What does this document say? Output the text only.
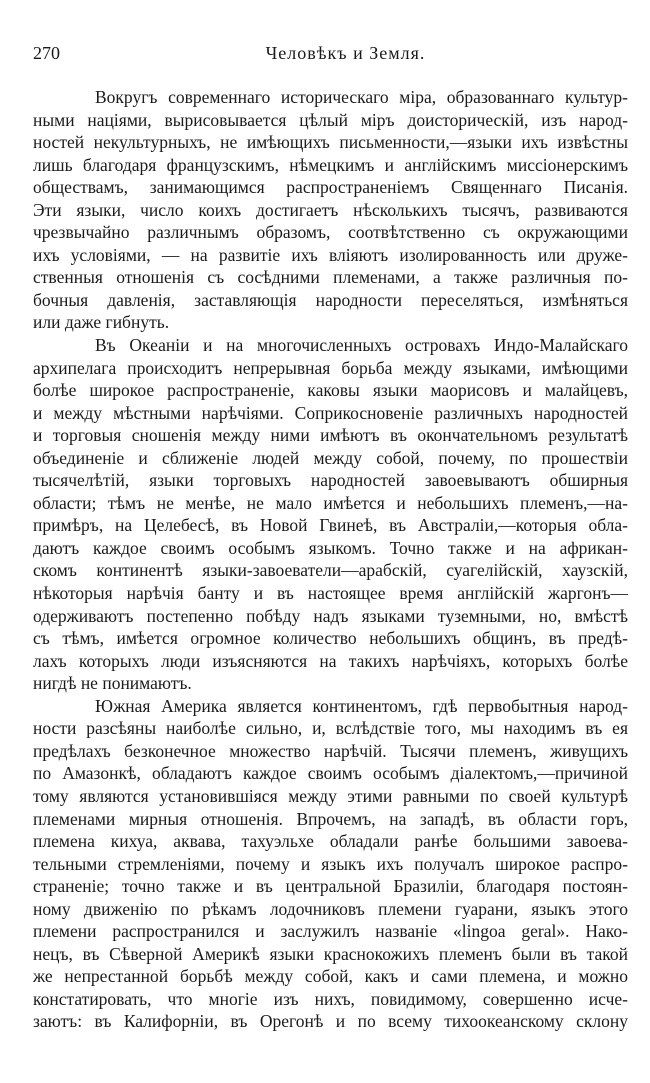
270	Человѣкъ и Земля.
Вокругъ современнаго историческаго міра, образованнаго культур-
ными націями, вырисовывается цѣлый міръ доисторическій, изъ народ-
ностей некультурныхъ, не имѣющихъ письменности,—языки ихъ извѣстны
лишь благодаря французскимъ, нѣмецкимъ и англійскимъ миссіонерскимъ
обществамъ, занимающимся распространеніемъ Священнаго Писанія.
Эти языки, число коихъ достигаетъ нѣсколькихъ тысячъ, развиваются
чрезвычайно различнымъ образомъ, соотвѣтственно съ окружающими
ихъ условіями, — на развитіе ихъ вліяютъ изолированность или друже-
ственныя отношенія съ сосѣдними племенами, а также различныя по-
бочныя давленія, заставляющія народности переселяться, измѣняться
или даже гибнуть.
Въ Океаніи и на многочисленныхъ островахъ Индо-Малайскаго
архипелага происходитъ непрерывная борьба между языками, имѣющими
болѣе широкое распространеніе, каковы языки маорисовъ и малайцевъ,
и между мѣстными нарѣчіями. Соприкосновеніе различныхъ народностей
и торговыя сношенія между ними имѣютъ въ окончательномъ результатѣ
объединеніе и сближеніе людей между собой, почему, по прошествіи
тысячелѣтій, языки торговыхъ народностей завоевываютъ обширныя
области; тѣмъ не менѣе, не мало имѣется и небольшихъ племенъ,—на-
примѣръ, на Целебесѣ, въ Новой Гвинеѣ, въ Австраліи,—которыя обла-
даютъ каждое своимъ особымъ языкомъ. Точно также и на африкан-
скомъ континентѣ языки-завоеватели—арабскій, суагелійскій, хаузскій,
нѣкоторыя нарѣчія банту и въ настоящее время англійскій жаргонъ—
одерживаютъ постепенно побѣду надъ языками туземными, но, вмѣстѣ
съ тѣмъ, имѣется огромное количество небольшихъ общинъ, въ предѣ-
лахъ которыхъ люди изъясняются на такихъ нарѣчіяхъ, которыхъ болѣе
нигдѣ не понимаютъ.
Южная Америка является континентомъ, гдѣ первобытныя народ-
ности разсѣяны наиболѣе сильно, и, вслѣдствіе того, мы находимъ въ ея
предѣлахъ безконечное множество нарѣчій. Тысячи племенъ, живущихъ
по Амазонкѣ, обладаютъ каждое своимъ особымъ діалектомъ,—причиной
тому являются установившіяся между этими равными по своей культурѣ
племенами мирныя отношенія. Впрочемъ, на западѣ, въ области горъ,
племена кихуа, аквава, тахуэльхе обладали ранѣе большими завоева-
тельными стремленіями, почему и языкъ ихъ получалъ широкое распро-
страненіе; точно также и въ центральной Бразиліи, благодаря постоян-
ному движенію по рѣкамъ лодочниковъ племени гуарани, языкъ этого
племени распространился и заслужилъ названіе «lingoa geral». Нако-
нецъ, въ Сѣверной Америкѣ языки краснокожихъ племенъ были въ такой
же непрестанной борьбѣ между собой, какъ и сами племена, и можно
констатировать, что многіе изъ нихъ, повидимому, совершенно исче-
заютъ: въ Калифорніи, въ Орегонѣ и по всему тихоокеанскому склону
